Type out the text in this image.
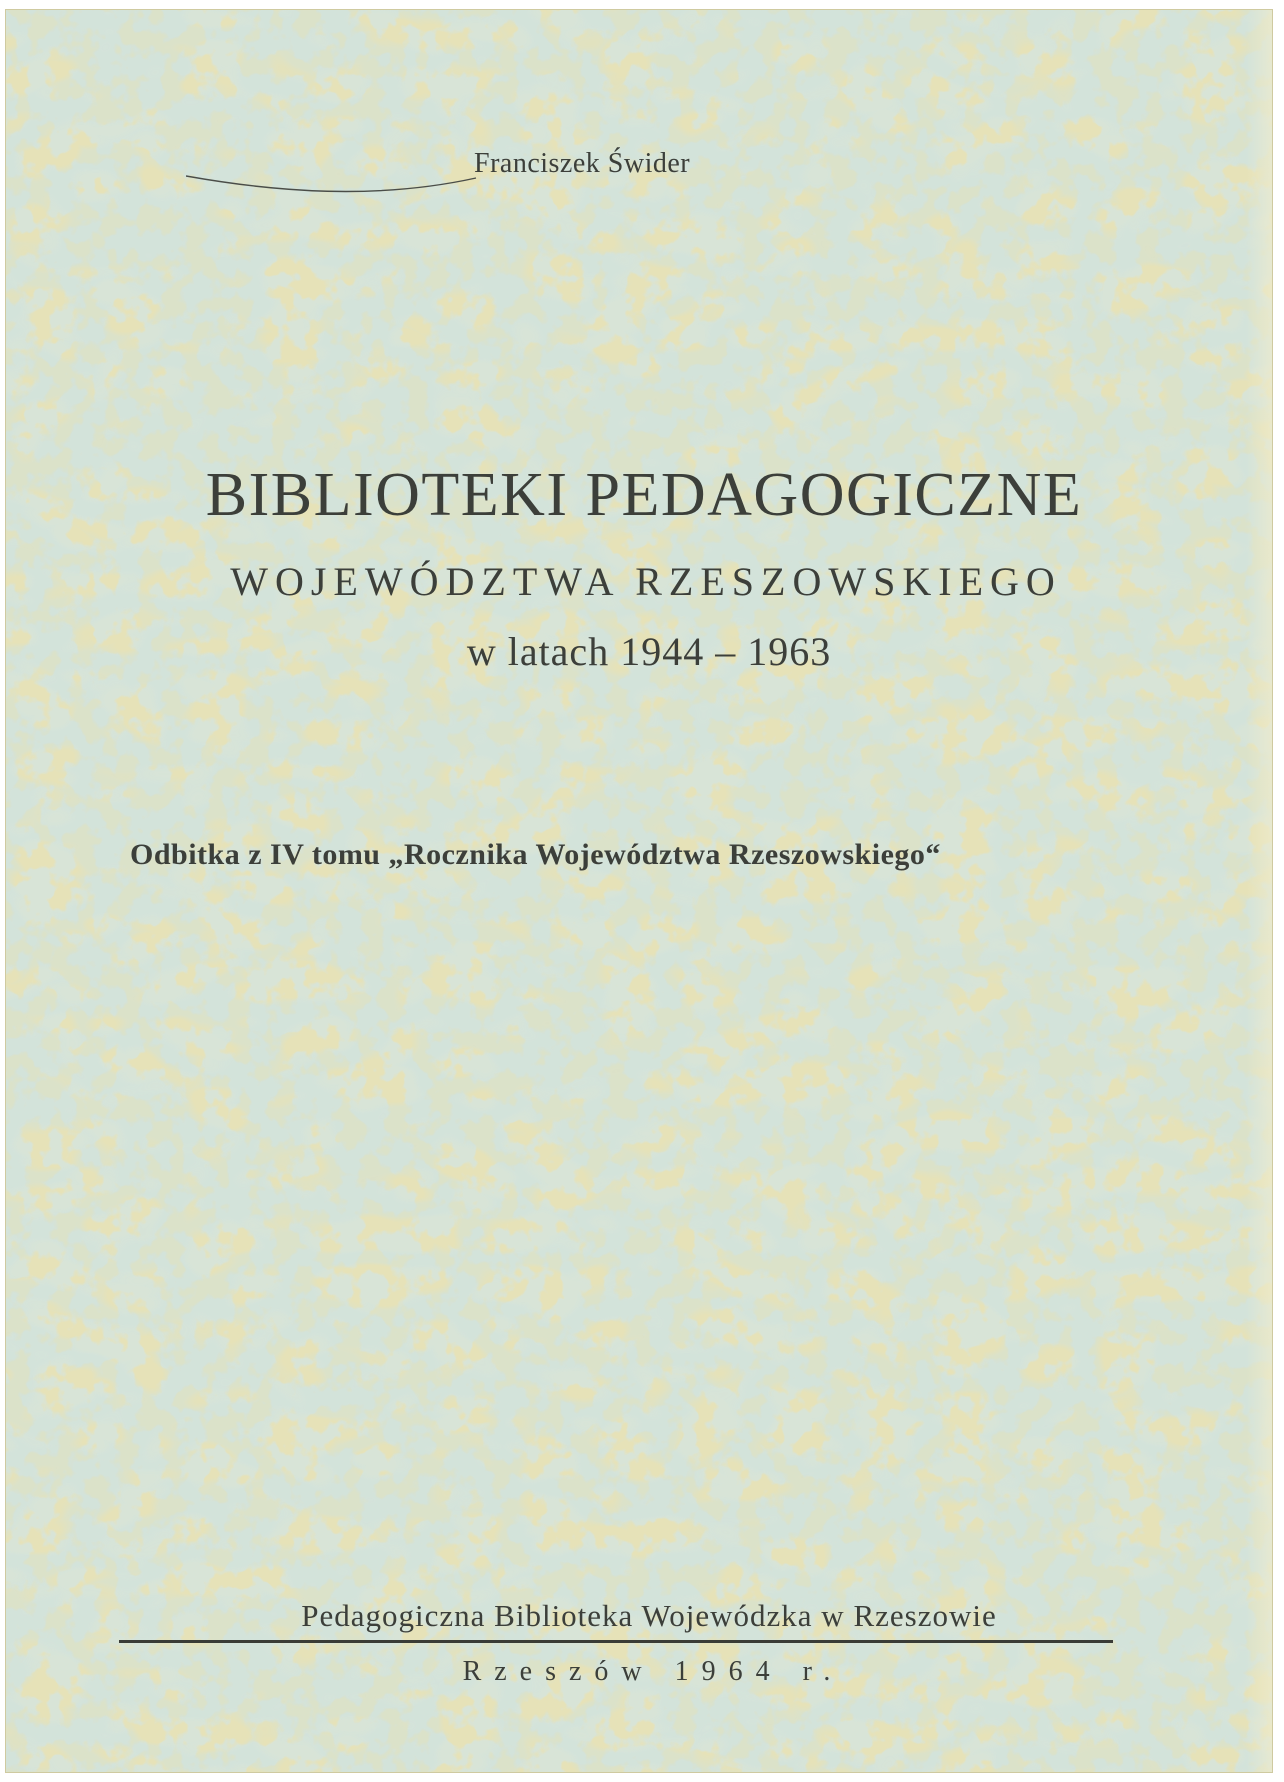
Franciszek Świder
BIBLIOTEKI PEDAGOGICZNE
WOJEWÓDZTWA RZESZOWSKIEGO
w latach 1944 – 1963
Odbitka z IV tomu „Rocznika Województwa Rzeszowskiego“
Pedagogiczna Biblioteka Wojewódzka w Rzeszowie
Rzeszów 1964 r.
